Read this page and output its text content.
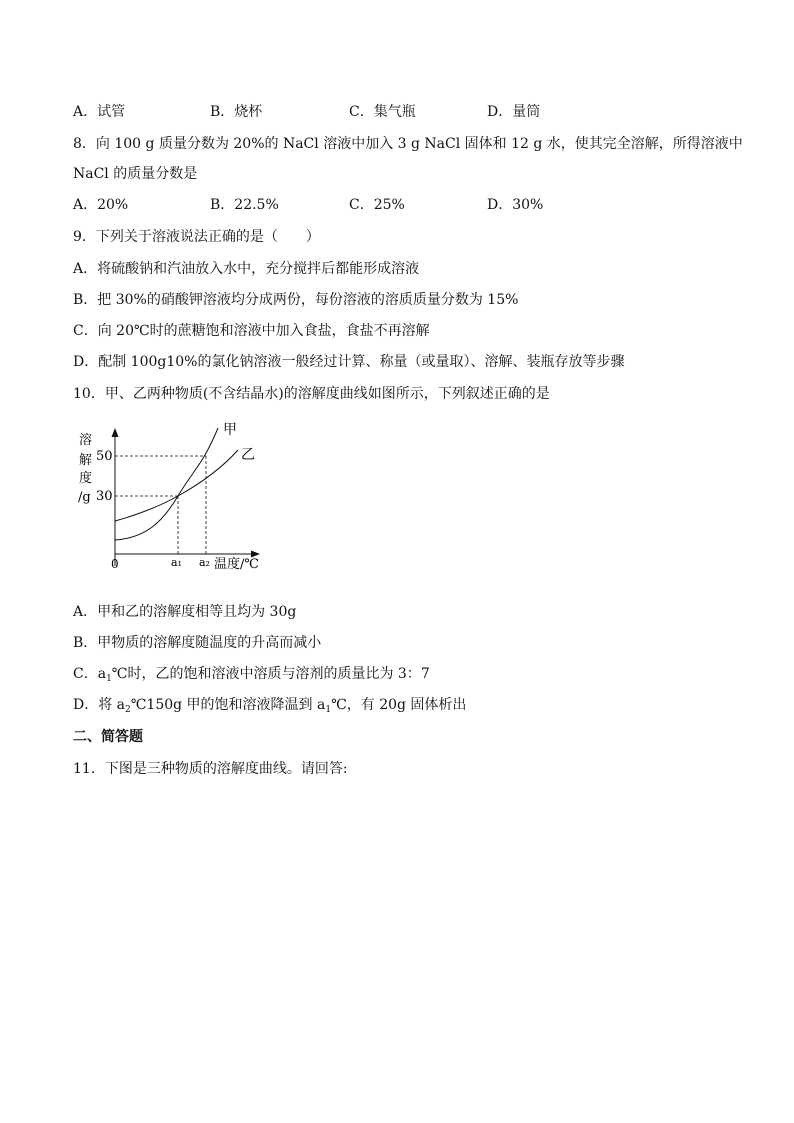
A．试管	B．烧杯	C．集气瓶	D．量筒
8．向 100 g 质量分数为 20%的 NaCl 溶液中加入 3 g NaCl 固体和 12 g 水，使其完全溶解，所得溶液中
NaCl 的质量分数是
A．20%	B．22.5%	C．25%	D．30%
9．下列关于溶液说法正确的是（　　）
A．将硫酸钠和汽油放入水中，充分搅拌后都能形成溶液
B．把 30%的硝酸钾溶液均分成两份，每份溶液的溶质质量分数为 15%
C．向 20℃时的蔗糖饱和溶液中加入食盐，食盐不再溶解
D．配制 100g10%的氯化钠溶液一般经过计算、称量（或量取）、溶解、装瓶存放等步骤
10．甲、乙两种物质(不含结晶水)的溶解度曲线如图所示，下列叙述正确的是
溶
解
度
/g
50
30
0	a₁ a₂ 温度/℃
甲
乙
A．甲和乙的溶解度相等且均为 30g
B．甲物质的溶解度随温度的升高而减小
C．$a_1℃$时，乙的饱和溶液中溶质与溶剂的质量比为 3：7
D．将 $a_2℃150g$ 甲的饱和溶液降温到 $a_1℃$，有 20g 固体析出
二、简答题
11．下图是三种物质的溶解度曲线。请回答:
